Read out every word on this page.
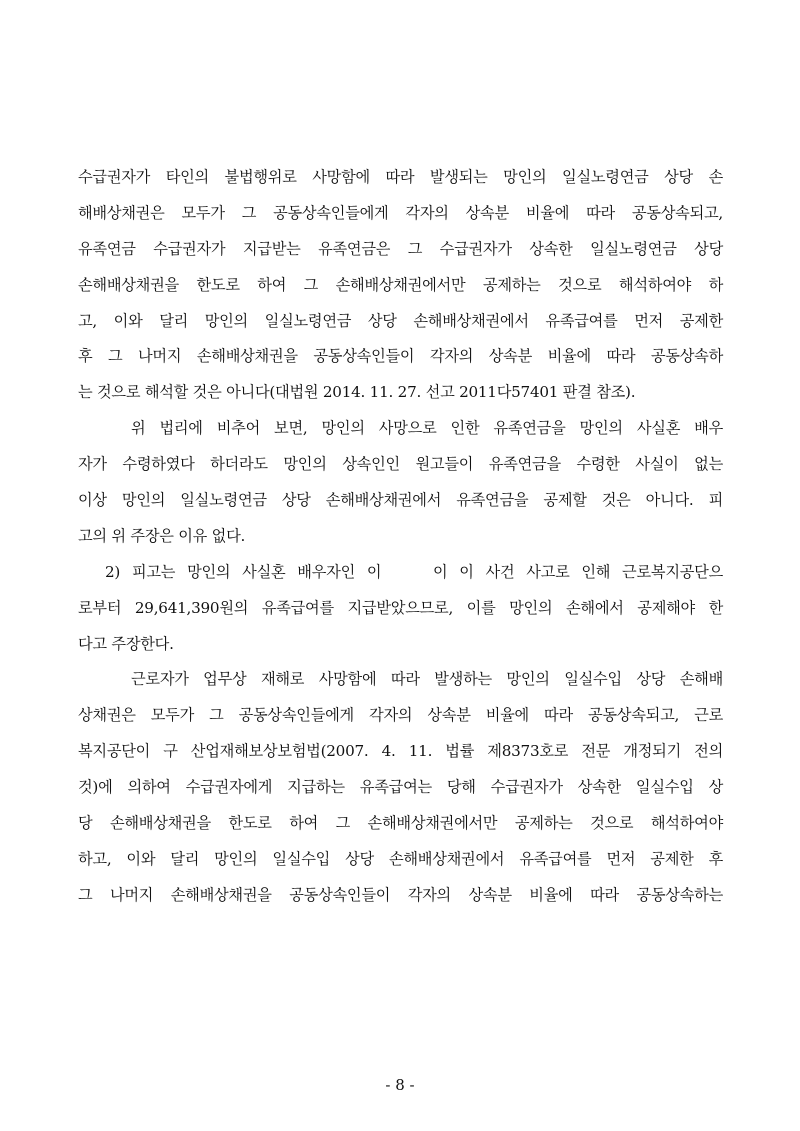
수급권자가 타인의 불법행위로 사망함에 따라 발생되는 망인의 일실노령연금 상당 손
해배상채권은 모두가 그 공동상속인들에게 각자의 상속분 비율에 따라 공동상속되고,
유족연금 수급권자가 지급받는 유족연금은 그 수급권자가 상속한 일실노령연금 상당
손해배상채권을 한도로 하여 그 손해배상채권에서만 공제하는 것으로 해석하여야 하
고, 이와 달리 망인의 일실노령연금 상당 손해배상채권에서 유족급여를 먼저 공제한
후 그 나머지 손해배상채권을 공동상속인들이 각자의 상속분 비율에 따라 공동상속하
는 것으로 해석할 것은 아니다(대법원 2014. 11. 27. 선고 2011다57401 판결 참조).
위 법리에 비추어 보면, 망인의 사망으로 인한 유족연금을 망인의 사실혼 배우
자가 수령하였다 하더라도 망인의 상속인인 원고들이 유족연금을 수령한 사실이 없는
이상 망인의 일실노령연금 상당 손해배상채권에서 유족연금을 공제할 것은 아니다. 피
고의 위 주장은 이유 없다.
2) 피고는 망인의 사실혼 배우자인 이　　이 이 사건 사고로 인해 근로복지공단으
로부터 29,641,390원의 유족급여를 지급받았으므로, 이를 망인의 손해에서 공제해야 한
다고 주장한다.
근로자가 업무상 재해로 사망함에 따라 발생하는 망인의 일실수입 상당 손해배
상채권은 모두가 그 공동상속인들에게 각자의 상속분 비율에 따라 공동상속되고, 근로
복지공단이 구 산업재해보상보험법(2007. 4. 11. 법률 제8373호로 전문 개정되기 전의
것)에 의하여 수급권자에게 지급하는 유족급여는 당해 수급권자가 상속한 일실수입 상
당 손해배상채권을 한도로 하여 그 손해배상채권에서만 공제하는 것으로 해석하여야
하고, 이와 달리 망인의 일실수입 상당 손해배상채권에서 유족급여를 먼저 공제한 후
그 나머지 손해배상채권을 공동상속인들이 각자의 상속분 비율에 따라 공동상속하는
- 8 -
